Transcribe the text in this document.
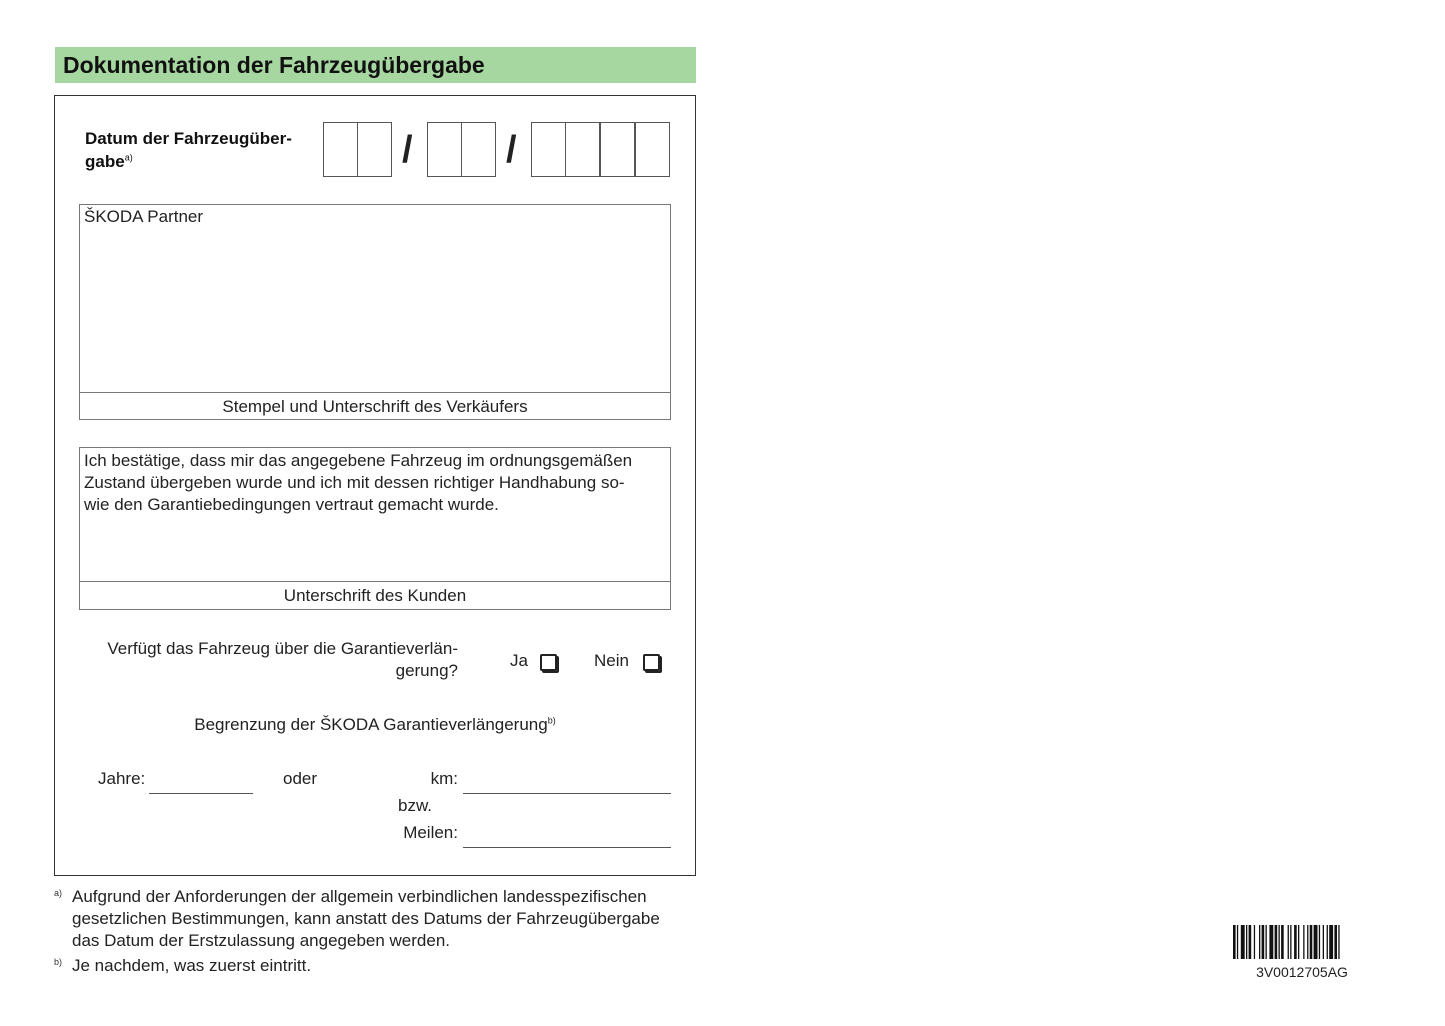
Dokumentation der Fahrzeugübergabe
Datum der Fahrzeugüber-
gabe$^{a)}$	/ /
ŠKODA Partner
Stempel und Unterschrift des Verkäufers
Ich bestätige, dass mir das angegebene Fahrzeug im ordnungsgemäßen
Zustand übergeben wurde und ich mit dessen richtiger Handhabung so-
wie den Garantiebedingungen vertraut gemacht wurde.
Unterschrift des Kunden
Verfügt das Fahrzeug über die Garantieverlän-
gerung?
Ja	Nein
Begrenzung der ŠKODA Garantieverlängerung$^{b)}$
Jahre:	oder	km:
bzw.
Meilen:
a) Aufgrund der Anforderungen der allgemein verbindlichen landesspezifischen
gesetzlichen Bestimmungen, kann anstatt des Datums der Fahrzeugübergabe
das Datum der Erstzulassung angegeben werden.
b) Je nachdem, was zuerst eintritt.	3V0012705AG
